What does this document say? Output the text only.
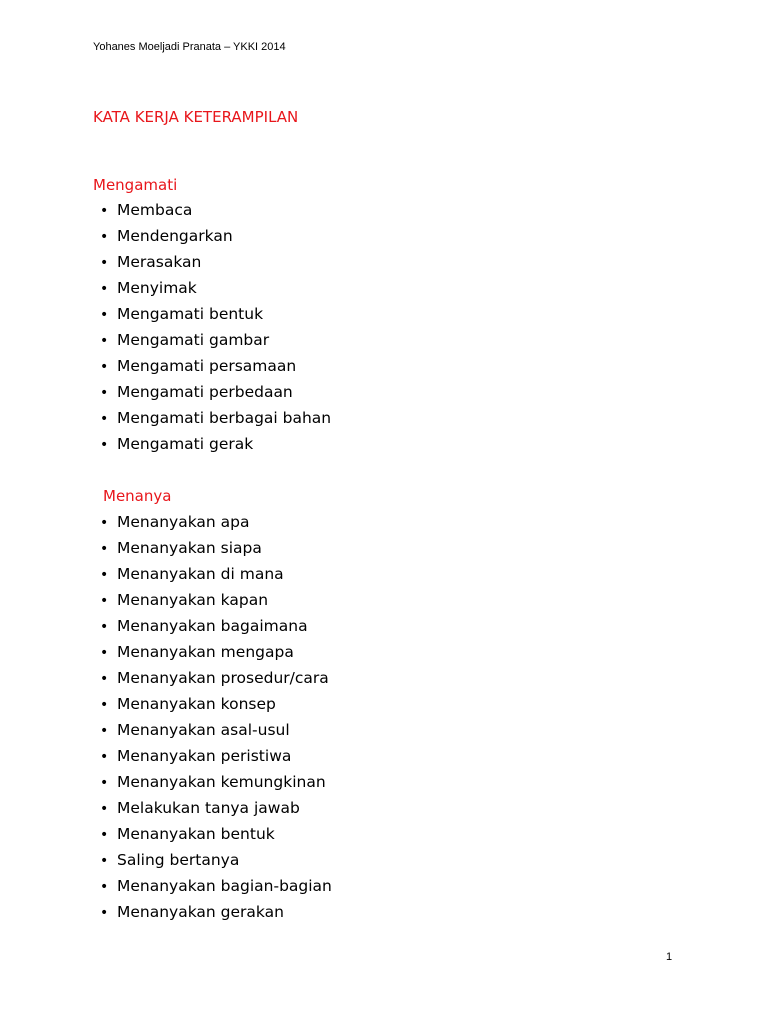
Yohanes Moeljadi Pranata – YKKI 2014
KATA KERJA KETERAMPILAN
Mengamati
• Membaca
• Mendengarkan
• Merasakan
• Menyimak
• Mengamati bentuk
• Mengamati gambar
• Mengamati persamaan
• Mengamati perbedaan
• Mengamati berbagai bahan
• Mengamati gerak
Menanya
• Menanyakan apa
• Menanyakan siapa
• Menanyakan di mana
• Menanyakan kapan
• Menanyakan bagaimana
• Menanyakan mengapa
• Menanyakan prosedur/cara
• Menanyakan konsep
• Menanyakan asal-usul
• Menanyakan peristiwa
• Menanyakan kemungkinan
• Melakukan tanya jawab
• Menanyakan bentuk
• Saling bertanya
• Menanyakan bagian-bagian
• Menanyakan gerakan
1
